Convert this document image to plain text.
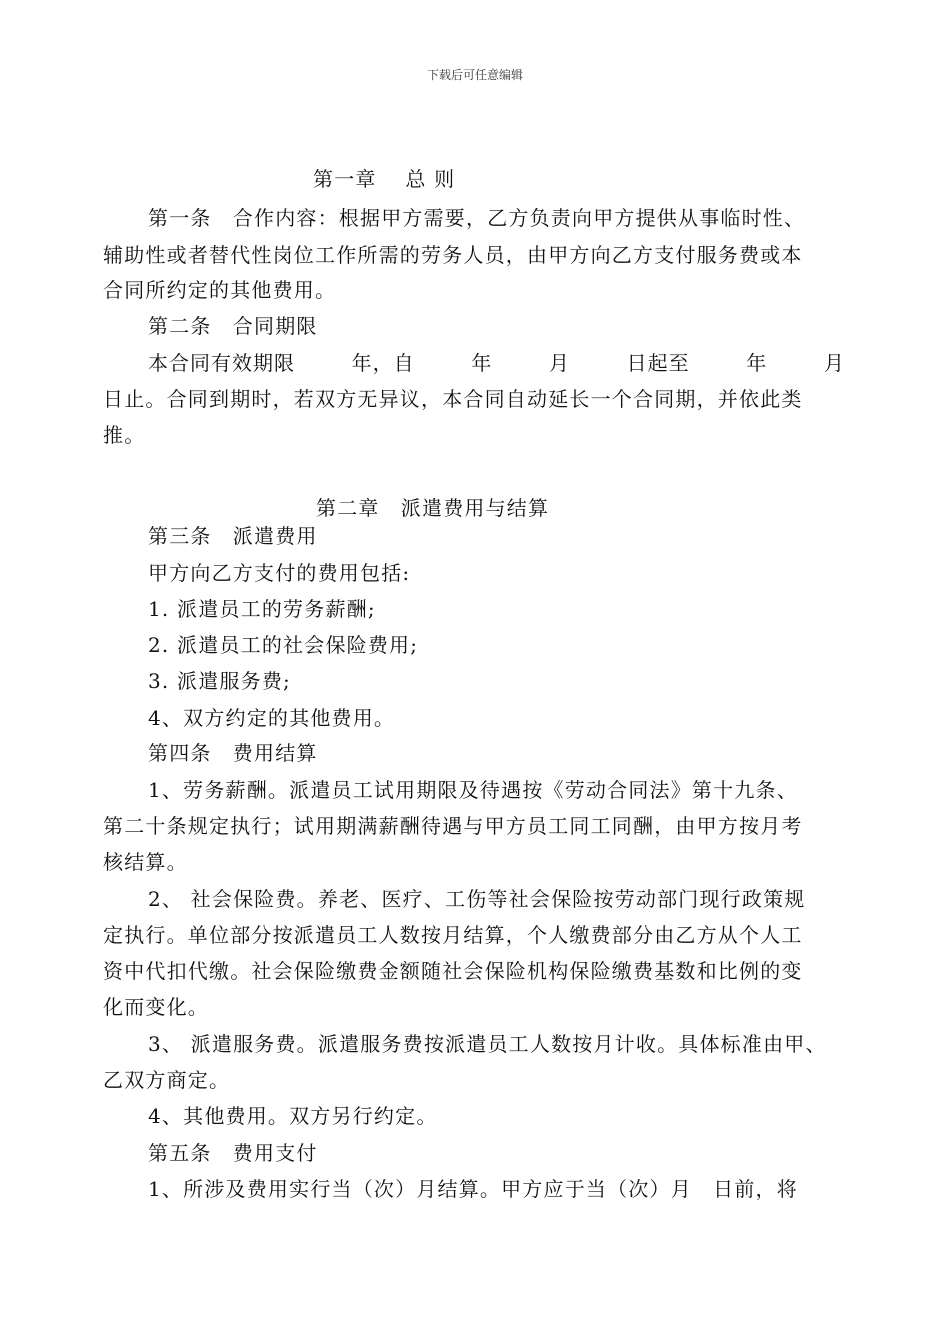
下载后可任意编辑
第一章　 总 则
第一条　合作内容：根据甲方需要，乙方负责向甲方提供从事临时性、
辅助性或者替代性岗位工作所需的劳务人员，由甲方向乙方支付服务费或本
合同所约定的其他费用。
第二条　合同期限
本合同有效期限	年，自	年	月	日起至	年	月
日止。合同到期时，若双方无异议，本合同自动延长一个合同期，并依此类
推。
第二章　派遣费用与结算
第三条　派遣费用
甲方向乙方支付的费用包括:
1. 派遣员工的劳务薪酬;
2. 派遣员工的社会保险费用;
3. 派遣服务费;
4、双方约定的其他费用。
第四条　费用结算
1、劳务薪酬。派遣员工试用期限及待遇按《劳动合同法》第十九条、
第二十条规定执行；试用期满薪酬待遇与甲方员工同工同酬，由甲方按月考
核结算。
2、 社会保险费。养老、医疗、工伤等社会保险按劳动部门现行政策规
定执行。单位部分按派遣员工人数按月结算，个人缴费部分由乙方从个人工
资中代扣代缴。社会保险缴费金额随社会保险机构保险缴费基数和比例的变
化而变化。
3、 派遣服务费。派遣服务费按派遣员工人数按月计收。具体标准由甲、
乙双方商定。
4、其他费用。双方另行约定。
第五条　费用支付
1、所涉及费用实行当（次）月结算。甲方应于当（次）月　日前，将
